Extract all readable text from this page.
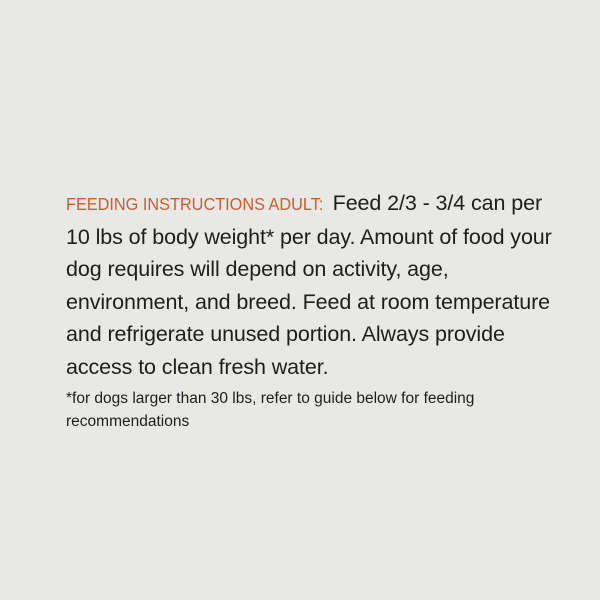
FEEDING INSTRUCTIONS ADULT: Feed 2/3 - 3/4 can per 10 lbs of body weight* per day. Amount of food your dog requires will depend on activity, age, environment, and breed. Feed at room temperature and refrigerate unused portion. Always provide access to clean fresh water.

*for dogs larger than 30 lbs, refer to guide below for feeding recommendations
